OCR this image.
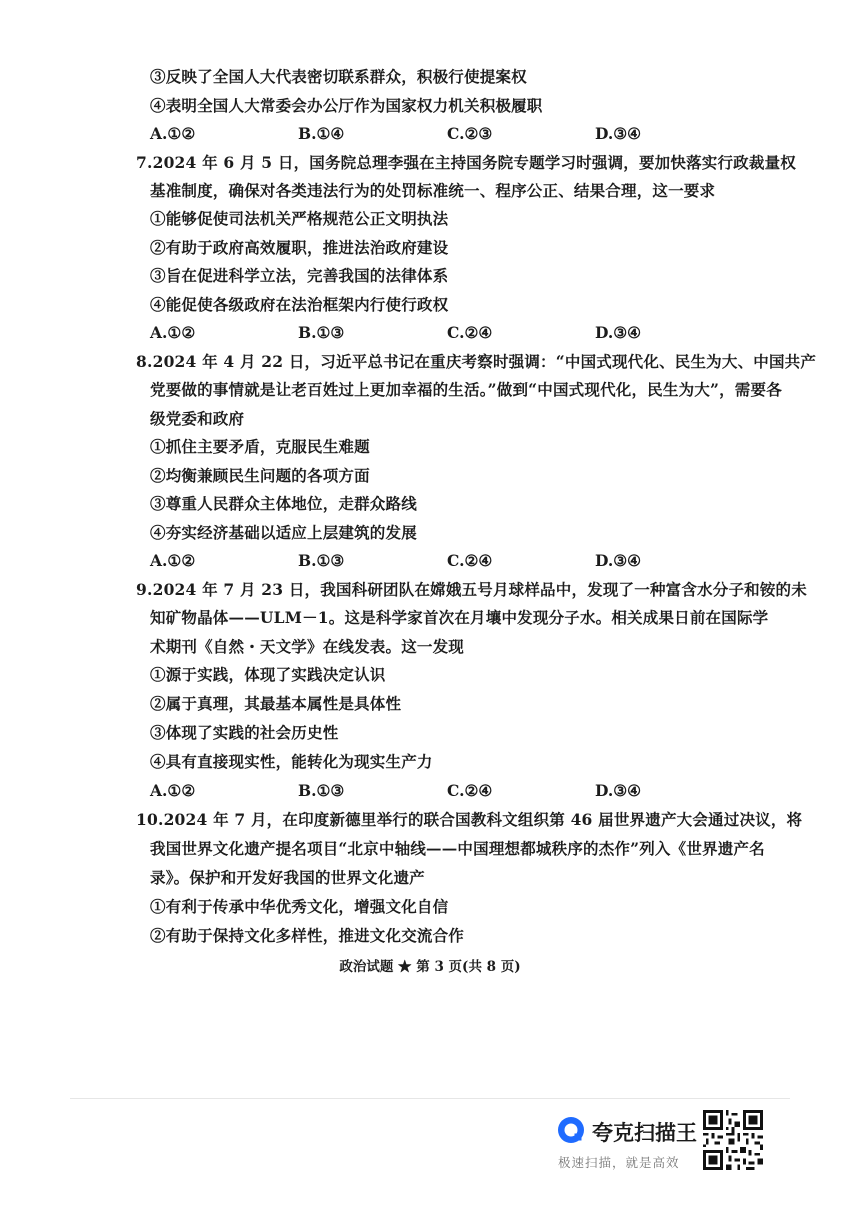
③反映了全国人大代表密切联系群众，积极行使提案权
④表明全国人大常委会办公厅作为国家权力机关积极履职
A.①②	B.①④	C.②③	D.③④
7.2024 年 6 月 5 日，国务院总理李强在主持国务院专题学习时强调，要加快落实行政裁量权
基准制度，确保对各类违法行为的处罚标准统一、程序公正、结果合理，这一要求
①能够促使司法机关严格规范公正文明执法
②有助于政府高效履职，推进法治政府建设
③旨在促进科学立法，完善我国的法律体系
④能促使各级政府在法治框架内行使行政权
A.①②	B.①③	C.②④	D.③④
8.2024 年 4 月 22 日，习近平总书记在重庆考察时强调：“中国式现代化、民生为大、中国共产
党要做的事情就是让老百姓过上更加幸福的生活。”做到“中国式现代化，民生为大”，需要各
级党委和政府
①抓住主要矛盾，克服民生难题
②均衡兼顾民生问题的各项方面
③尊重人民群众主体地位，走群众路线
④夯实经济基础以适应上层建筑的发展
A.①②	B.①③	C.②④	D.③④
9.2024 年 7 月 23 日，我国科研团队在嫦娥五号月球样品中，发现了一种富含水分子和铵的未
知矿物晶体——ULM－1。这是科学家首次在月壤中发现分子水。相关成果日前在国际学
术期刊《自然・天文学》在线发表。这一发现
①源于实践，体现了实践决定认识
②属于真理，其最基本属性是具体性
③体现了实践的社会历史性
④具有直接现实性，能转化为现实生产力
A.①②	B.①③	C.②④	D.③④
10.2024 年 7 月，在印度新德里举行的联合国教科文组织第 46 届世界遗产大会通过决议，将
我国世界文化遗产提名项目“北京中轴线——中国理想都城秩序的杰作”列入《世界遗产名
录》。保护和开发好我国的世界文化遗产
①有利于传承中华优秀文化，增强文化自信
②有助于保持文化多样性，推进文化交流合作
政治试题 ★ 第 3 页(共 8 页)
夸克扫描王
极速扫描，就是高效
